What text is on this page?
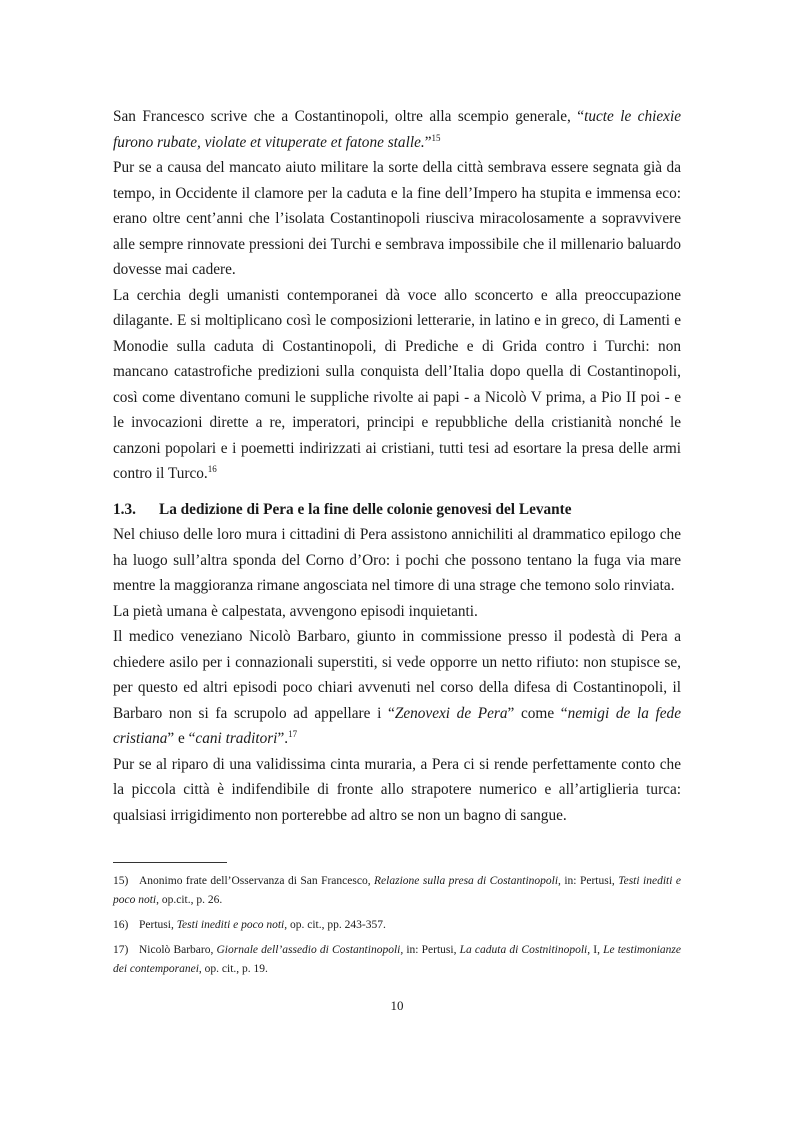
San Francesco scrive che a Costantinopoli, oltre alla scempio generale, “tucte le chiexie furono rubate, violate et vituperate et fatone stalle.”$^{15}$

Pur se a causa del mancato aiuto militare la sorte della città sembrava essere segnata già da tempo, in Occidente il clamore per la caduta e la fine dell’Impero ha stupita e immensa eco: erano oltre cent’anni che l’isolata Costantinopoli riusciva miracolosamente a sopravvivere alle sempre rinnovate pressioni dei Turchi e sembrava impossibile che il millenario baluardo dovesse mai cadere.

La cerchia degli umanisti contemporanei dà voce allo sconcerto e alla preoccupazione dilagante. E si moltiplicano così le composizioni letterarie, in latino e in greco, di Lamenti e Monodie sulla caduta di Costantinopoli, di Prediche e di Grida contro i Turchi: non mancano catastrofiche predizioni sulla conquista dell’Italia dopo quella di Costantinopoli, così come diventano comuni le suppliche rivolte ai papi - a Nicolò V prima, a Pio II poi - e le invocazioni dirette a re, imperatori, principi e repubbliche della cristianità nonché le canzoni popolari e i poemetti indirizzati ai cristiani, tutti tesi ad esortare la presa delle armi contro il Turco.$^{16}$

1.3. La dedizione di Pera e la fine delle colonie genovesi del Levante

Nel chiuso delle loro mura i cittadini di Pera assistono annichiliti al drammatico epilogo che ha luogo sull’altra sponda del Corno d’Oro: i pochi che possono tentano la fuga via mare mentre la maggioranza rimane angosciata nel timore di una strage che temono solo rinviata.

La pietà umana è calpestata, avvengono episodi inquietanti.

Il medico veneziano Nicolò Barbaro, giunto in commissione presso il podestà di Pera a chiedere asilo per i connazionali superstiti, si vede opporre un netto rifiuto: non stupisce se, per questo ed altri episodi poco chiari avvenuti nel corso della difesa di Costantinopoli, il Barbaro non si fa scrupolo ad appellare i “Zenovexi de Pera” come “nemigi de la fede cristiana” e “cani traditori”.$^{17}$

Pur se al riparo di una validissima cinta muraria, a Pera ci si rende perfettamente conto che la piccola città è indifendibile di fronte allo strapotere numerico e all’artiglieria turca: qualsiasi irrigidimento non porterebbe ad altro se non un bagno di sangue.

15) Anonimo frate dell’Osservanza di San Francesco, Relazione sulla presa di Costantinopoli, in: Pertusi, Testi inediti e poco noti, op.cit., p. 26.
16) Pertusi, Testi inediti e poco noti, op. cit., pp. 243-357.
17) Nicolò Barbaro, Giornale dell’assedio di Costantinopoli, in: Pertusi, La caduta di Costnitinopoli, I, Le testimonianze dei contemporanei, op. cit., p. 19.
10
